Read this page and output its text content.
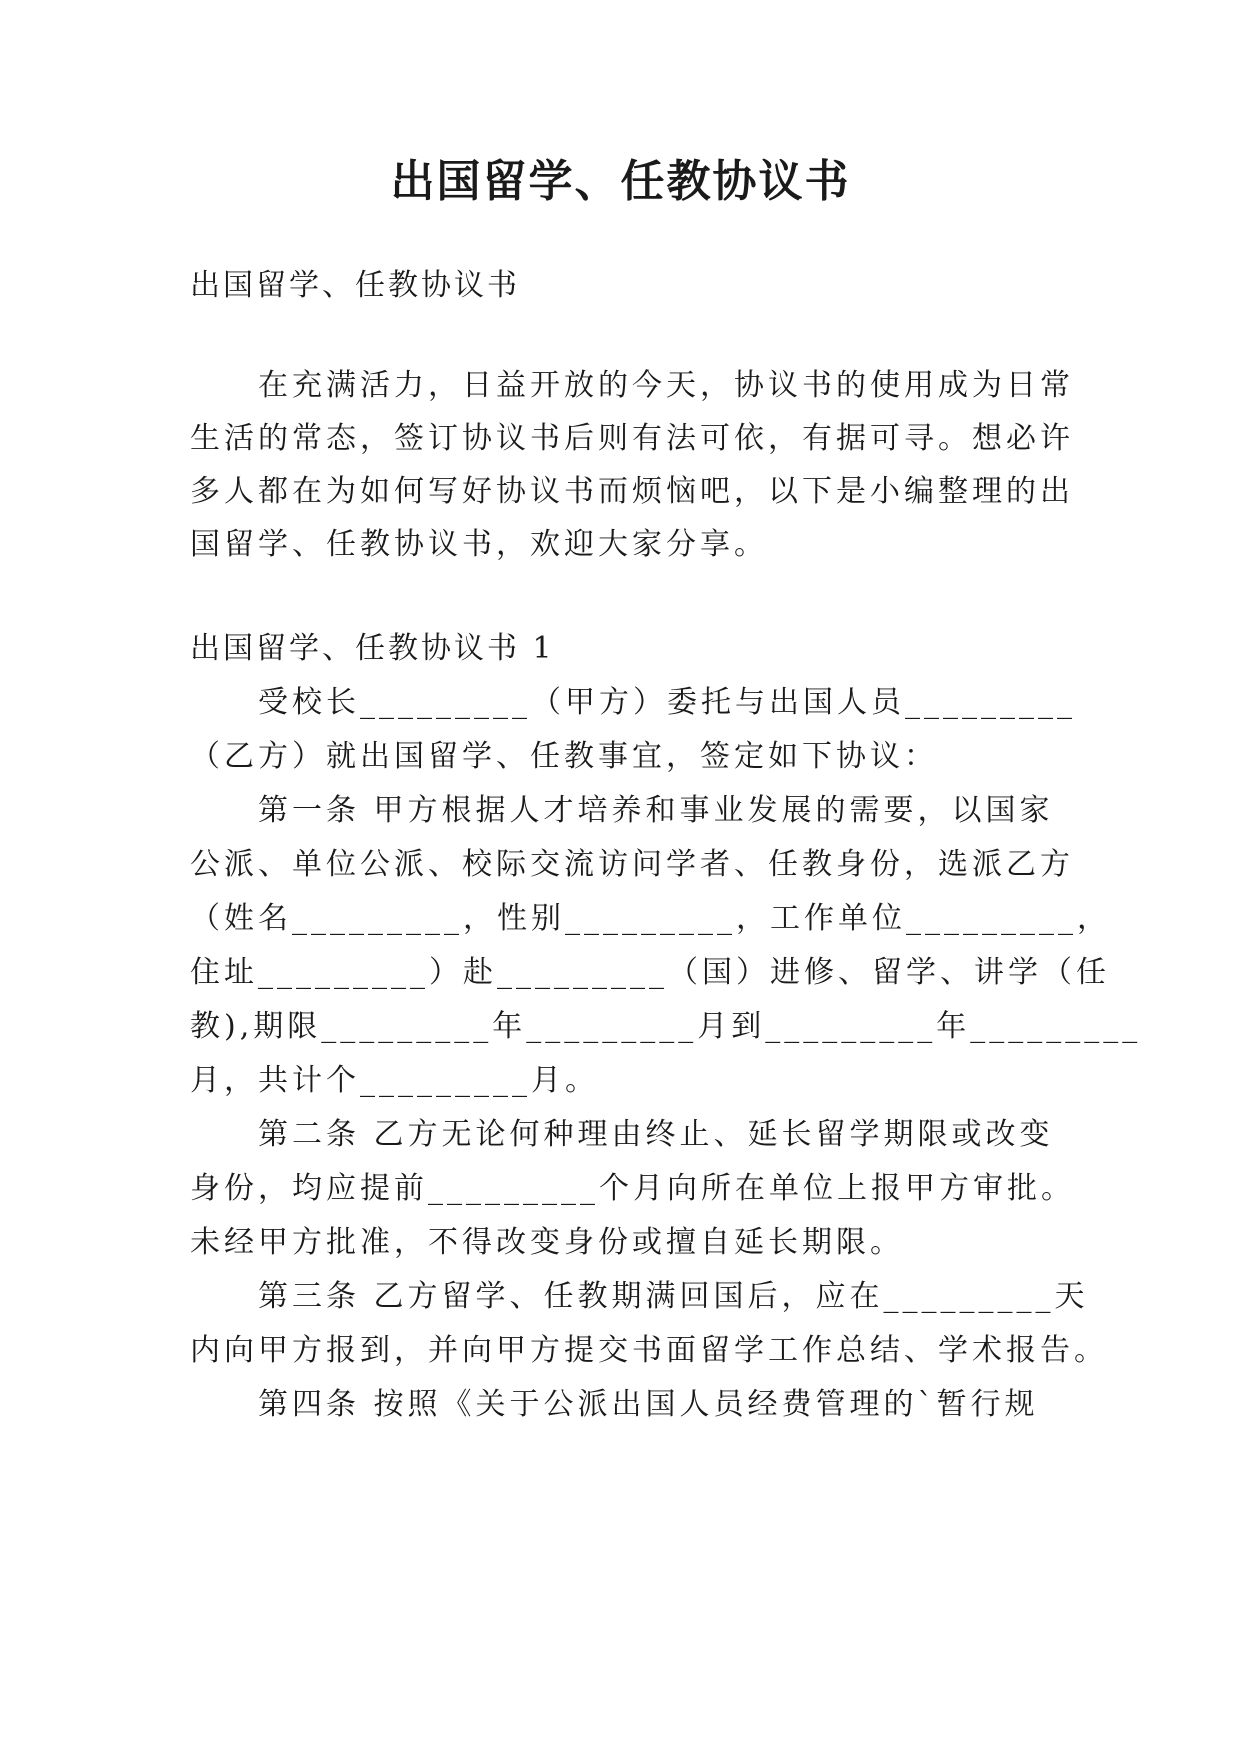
出国留学、任教协议书

出国留学、任教协议书

　　在充满活力，日益开放的今天，协议书的使用成为日常

生活的常态，签订协议书后则有法可依，有据可寻。想必许

多人都在为如何写好协议书而烦恼吧，以下是小编整理的出

国留学、任教协议书，欢迎大家分享。

出国留学、任教协议书 1

　　受校长_________（甲方）委托与出国人员_________

（乙方）就出国留学、任教事宜，签定如下协议：

　　第一条 甲方根据人才培养和事业发展的需要，以国家

公派、单位公派、校际交流访问学者、任教身份，选派乙方

（姓名_________，性别_________，工作单位_________，

住址_________）赴_________（国）进修、留学、讲学（任

教),期限_________年_________月到_________年_________

月，共计个_________月。

　　第二条 乙方无论何种理由终止、延长留学期限或改变

身份，均应提前_________个月向所在单位上报甲方审批。

未经甲方批准，不得改变身份或擅自延长期限。

　　第三条 乙方留学、任教期满回国后，应在_________天

内向甲方报到，并向甲方提交书面留学工作总结、学术报告。

　　第四条 按照《关于公派出国人员经费管理的`暂行规
